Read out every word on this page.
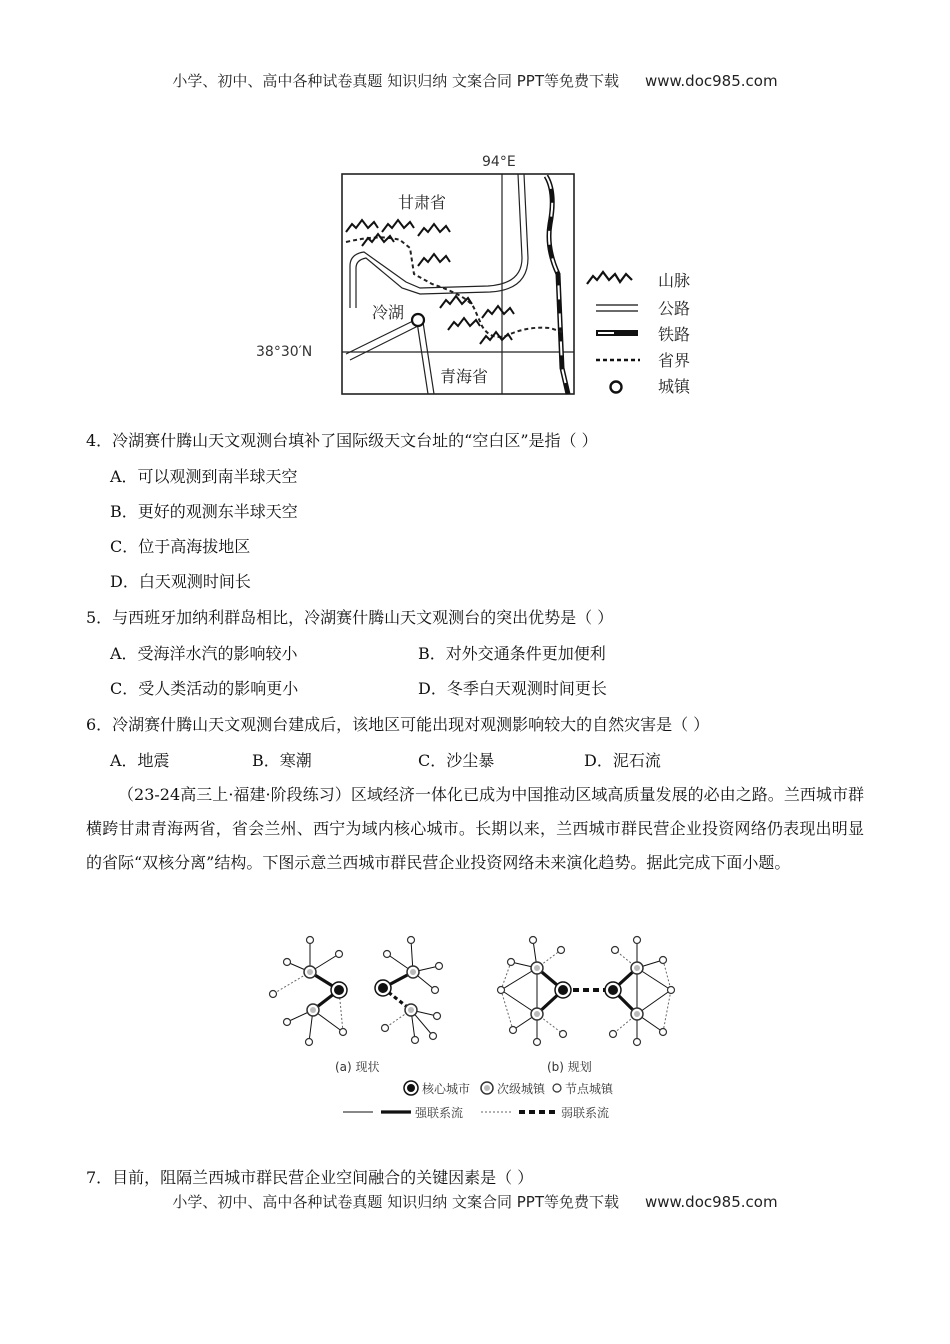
小学、初中、高中各种试卷真题 知识归纳 文案合同 PPT等免费下载 www.doc985.com
94°E
38°30′N
冷湖
甘肃省
青海省
山脉
公路
铁路
省界
城镇
4．冷湖赛什腾山天文观测台填补了国际级天文台址的“空白区”是指（ ）
A．可以观测到南半球天空
B．更好的观测东半球天空
C．位于高海拔地区
D．白天观测时间长
5．与西班牙加纳利群岛相比，冷湖赛什腾山天文观测台的突出优势是（ ）
A．受海洋水汽的影响较小	B．对外交通条件更加便利
C．受人类活动的影响更小	D．冬季白天观测时间更长
6．冷湖赛什腾山天文观测台建成后，该地区可能出现对观测影响较大的自然灾害是（ ）
A．地震	B．寒潮	C．沙尘暴	D．泥石流
（23-24高三上·福建·阶段练习）区域经济一体化已成为中国推动区域高质量发展的必由之路。兰西城市群横跨甘肃青海两省，省会兰州、西宁为域内核心城市。长期以来，兰西城市群民营企业投资网络仍表现出明显的省际“双核分离”结构。下图示意兰西城市群民营企业投资网络未来演化趋势。据此完成下面小题。
(a) 现状	(b) 规划
核心城市 次级城镇 节点城镇
强联系流	弱联系流
7．目前，阻隔兰西城市群民营企业空间融合的关键因素是（ ）
小学、初中、高中各种试卷真题 知识归纳 文案合同 PPT等免费下载 www.doc985.com
